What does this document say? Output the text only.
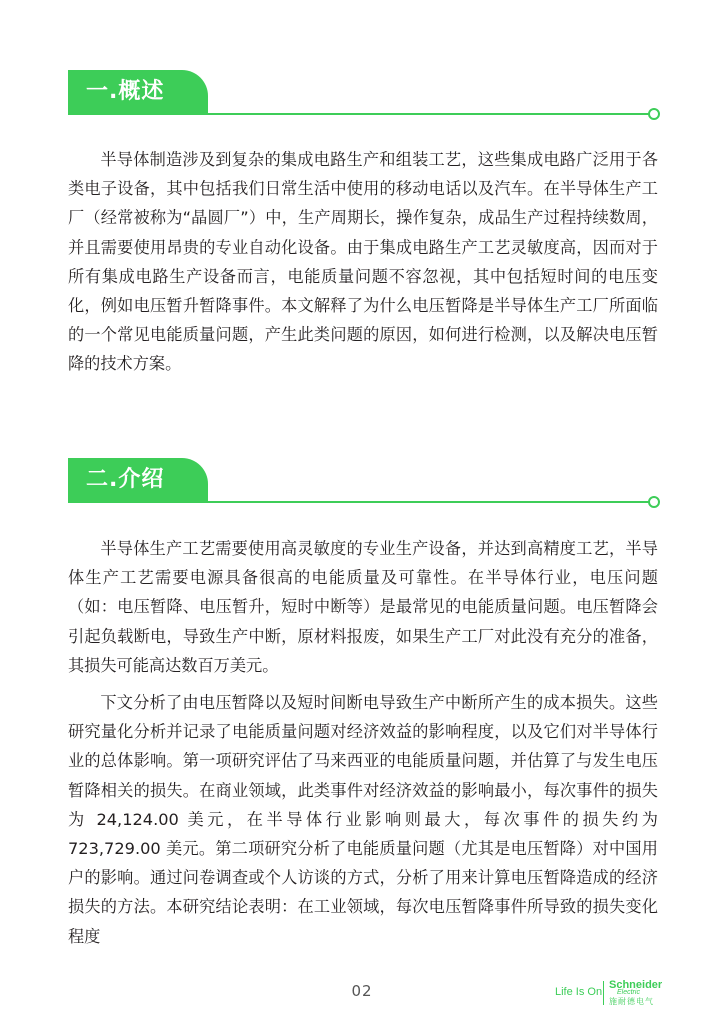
一.概述

半导体制造涉及到复杂的集成电路生产和组装工艺，这些集成电路广泛用于各类电子设备，其中包括我们日常生活中使用的移动电话以及汽车。在半导体生产工厂（经常被称为“晶圆厂”）中，生产周期长，操作复杂，成品生产过程持续数周，并且需要使用昂贵的专业自动化设备。由于集成电路生产工艺灵敏度高，因而对于所有集成电路生产设备而言，电能质量问题不容忽视，其中包括短时间的电压变化，例如电压暂升暂降事件。本文解释了为什么电压暂降是半导体生产工厂所面临的一个常见电能质量问题，产生此类问题的原因，如何进行检测，以及解决电压暂降的技术方案。

二.介绍

半导体生产工艺需要使用高灵敏度的专业生产设备，并达到高精度工艺，半导体生产工艺需要电源具备很高的电能质量及可靠性。在半导体行业，电压问题（如：电压暂降、电压暂升，短时中断等）是最常见的电能质量问题。电压暂降会引起负载断电，导致生产中断，原材料报废，如果生产工厂对此没有充分的准备，其损失可能高达数百万美元。

下文分析了由电压暂降以及短时间断电导致生产中断所产生的成本损失。这些研究量化分析并记录了电能质量问题对经济效益的影响程度，以及它们对半导体行业的总体影响。第一项研究评估了马来西亚的电能质量问题，并估算了与发生电压暂降相关的损失。在商业领域，此类事件对经济效益的影响最小，每次事件的损失为 24,124.00 美元，在半导体行业影响则最大，每次事件的损失约为 723,729.00 美元。第二项研究分析了电能质量问题（尤其是电压暂降）对中国用户的影响。通过问卷调查或个人访谈的方式，分析了用来计算电压暂降造成的经济损失的方法。本研究结论表明：在工业领域，每次电压暂降事件所导致的损失变化程度

02	Life Is On
Schneider
Electric
施耐德电气
